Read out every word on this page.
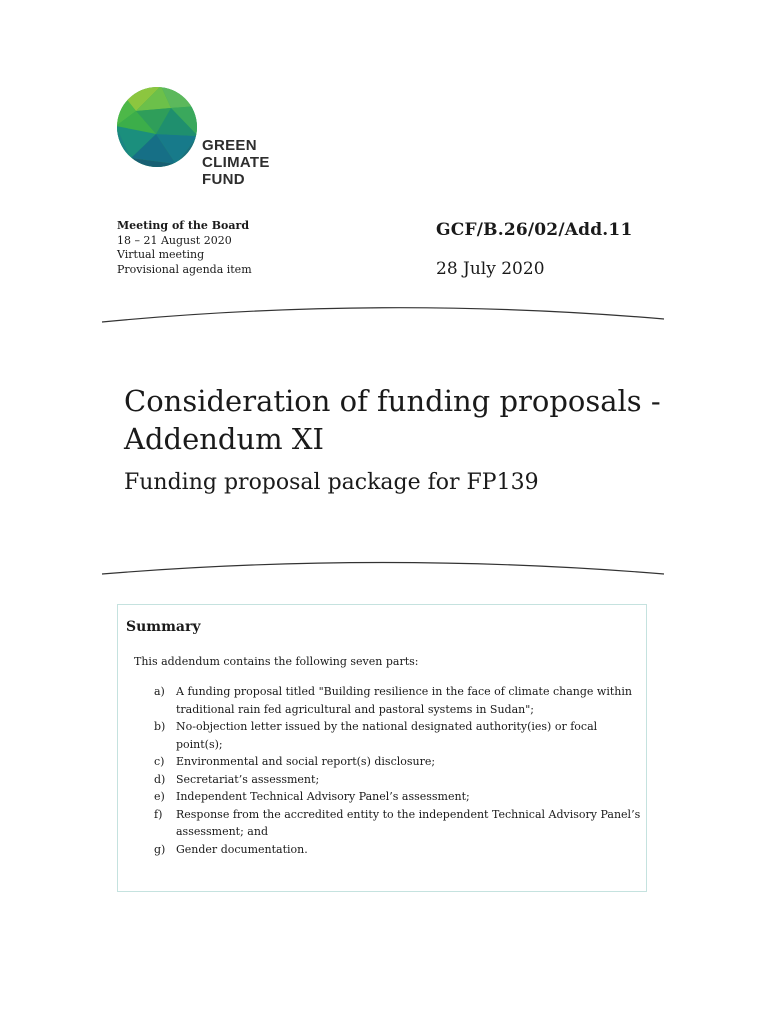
GREEN
CLIMATE
FUND
Meeting of the Board
18 – 21 August 2020
Virtual meeting
Provisional agenda item
GCF/B.26/02/Add.11
28 July 2020
Consideration of funding proposals - Addendum XI
Funding proposal package for FP139
Summary
This addendum contains the following seven parts:
a) A funding proposal titled "Building resilience in the face of climate change within traditional rain fed agricultural and pastoral systems in Sudan";
b) No-objection letter issued by the national designated authority(ies) or focal point(s);
c) Environmental and social report(s) disclosure;
d) Secretariat’s assessment;
e) Independent Technical Advisory Panel’s assessment;
f) Response from the accredited entity to the independent Technical Advisory Panel’s assessment; and
g) Gender documentation.
